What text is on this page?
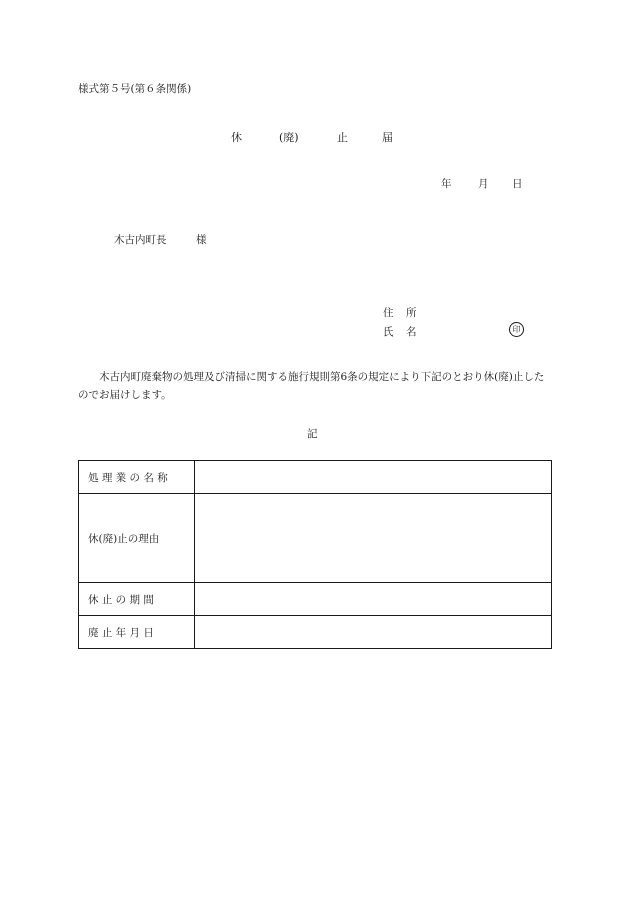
様式第５号(第６条関係)
休	(廃)	止	届
年	月 日
木古内町長	様
住 所
氏 名	印
木古内町廃棄物の処理及び清掃に関する施行規則第6条の規定により下記のとおり休(廃)止したのでお届けします。
記
処 理 業 の 名 称	
休(廃)止の理由	
休 止 の 期 間	
廃 止 年 月 日	
